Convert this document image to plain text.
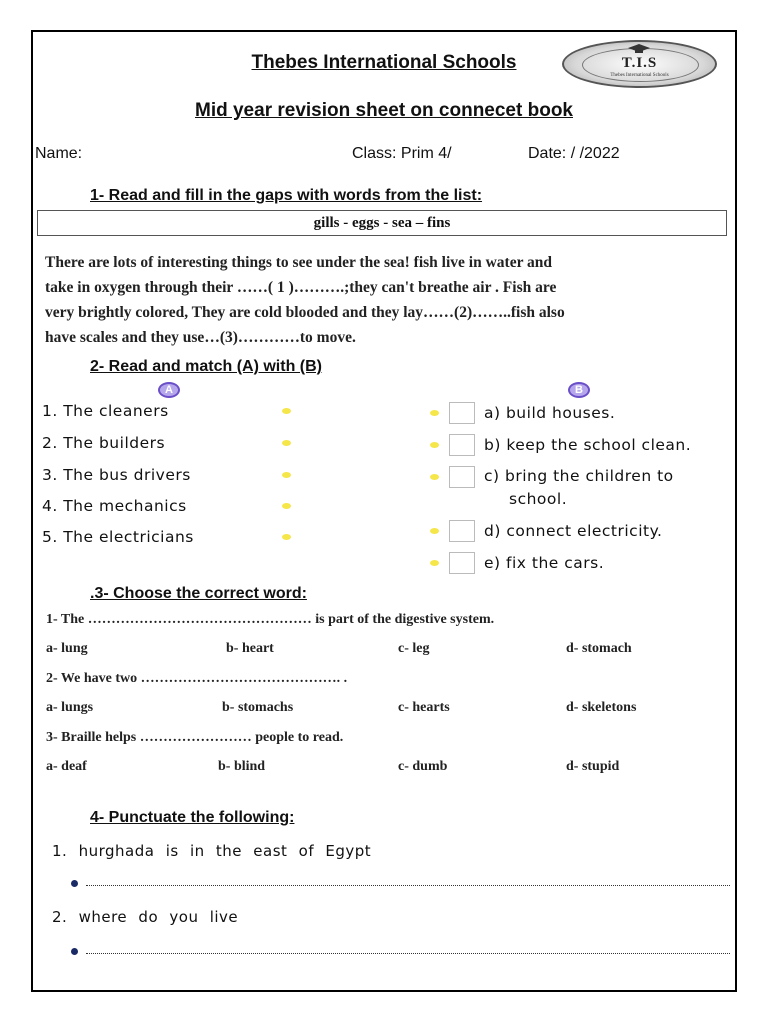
Thebes International Schools	T.I.S
Thebes International Schools
Mid year revision sheet on connecet book
Name:	Class: Prim 4/	Date: / /2022
1- Read and fill in the gaps with words from the list:
gills - eggs - sea – fins
There are lots of interesting things to see under the sea! fish live in water and
take in oxygen through their ……( 1 )……….;they can't breathe air . Fish are
very brightly colored, They are cold blooded and they lay……(2)……..fish also
have scales and they use…(3)…………to move.
2- Read and match (A) with (B)
A	B
1. The cleaners
2. The builders
3. The bus drivers
4. The mechanics
5. The electricians
a) build houses.
b) keep the school clean.
c) bring the children to
school.
d) connect electricity.
e) fix the cars.
.3- Choose the correct word:
1- The ………………………………………… is part of the digestive system.
a- lung	b- heart	c- leg	d- stomach
2- We have two ……………………………………. .
a- lungs	b- stomachs	c- hearts	d- skeletons
3- Braille helps …………………… people to read.
a- deaf	b- blind	c- dumb	d- stupid
4- Punctuate the following:
1. hurghada is in the east of Egypt
2. where do you live
